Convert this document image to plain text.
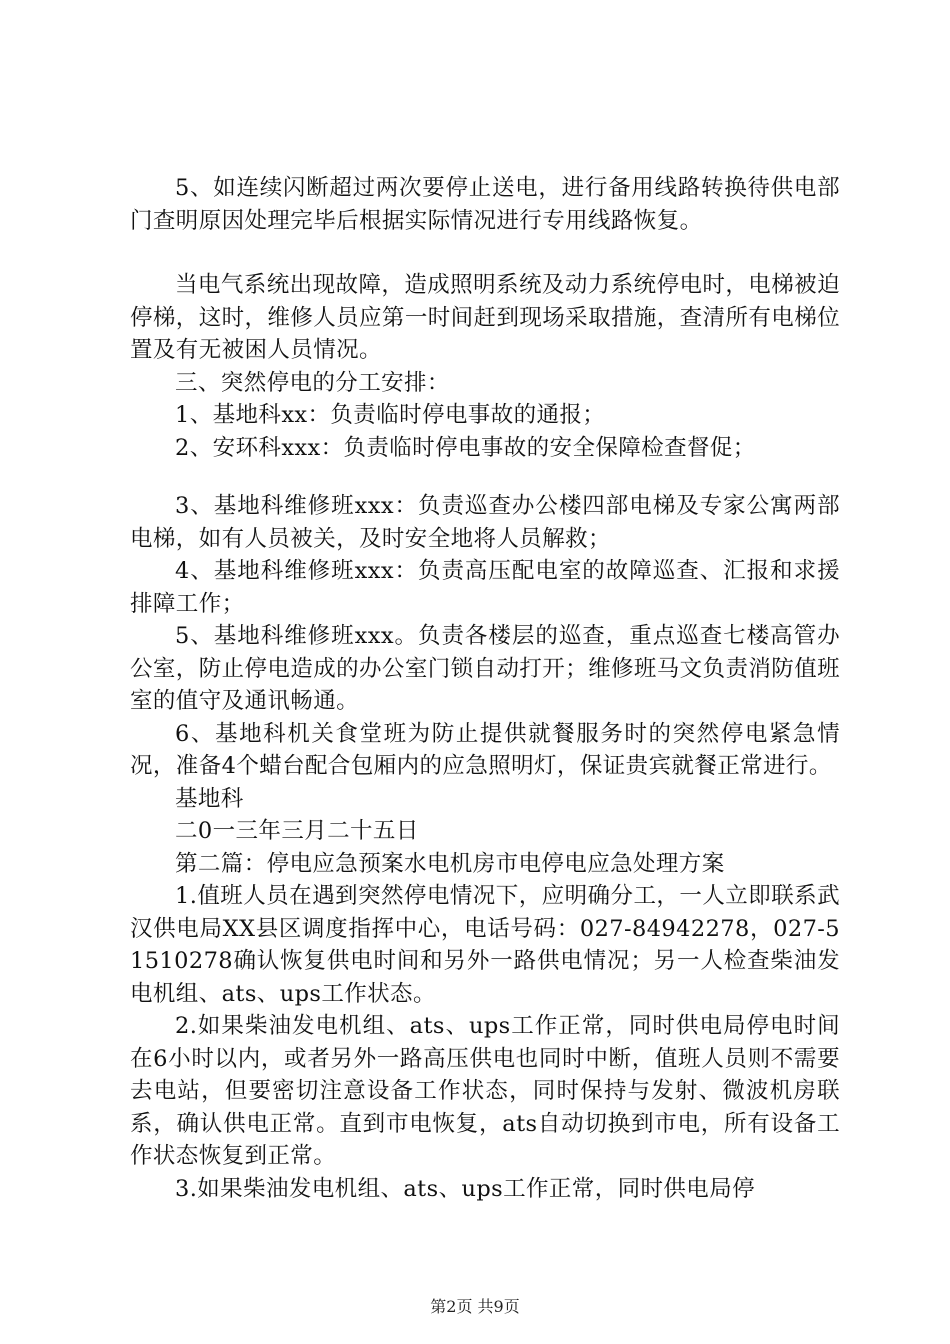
5、如连续闪断超过两次要停止送电，进行备用线路转换待供电部门查明原因处理完毕后根据实际情况进行专用线路恢复。

当电气系统出现故障，造成照明系统及动力系统停电时，电梯被迫停梯，这时，维修人员应第一时间赶到现场采取措施，查清所有电梯位置及有无被困人员情况。

三、突然停电的分工安排：

1、基地科xx：负责临时停电事故的通报；

2、安环科xxx：负责临时停电事故的安全保障检查督促；

3、基地科维修班xxx：负责巡查办公楼四部电梯及专家公寓两部电梯，如有人员被关，及时安全地将人员解救；

4、基地科维修班xxx：负责高压配电室的故障巡查、汇报和求援排障工作；

5、基地科维修班xxx。负责各楼层的巡查，重点巡查七楼高管办公室，防止停电造成的办公室门锁自动打开；维修班马文负责消防值班室的值守及通讯畅通。

6、基地科机关食堂班为防止提供就餐服务时的突然停电紧急情况，准备4个蜡台配合包厢内的应急照明灯，保证贵宾就餐正常进行。

基地科

二0一三年三月二十五日

第二篇：停电应急预案水电机房市电停电应急处理方案

1.值班人员在遇到突然停电情况下，应明确分工，一人立即联系武汉供电局XX县区调度指挥中心，电话号码：027-84942278，027-51510278确认恢复供电时间和另外一路供电情况；另一人检查柴油发电机组、ats、ups工作状态。

2.如果柴油发电机组、ats、ups工作正常，同时供电局停电时间在6小时以内，或者另外一路高压供电也同时中断，值班人员则不需要去电站，但要密切注意设备工作状态，同时保持与发射、微波机房联系，确认供电正常。直到市电恢复，ats自动切换到市电，所有设备工作状态恢复到正常。

3.如果柴油发电机组、ats、ups工作正常，同时供电局停

第2页 共9页
